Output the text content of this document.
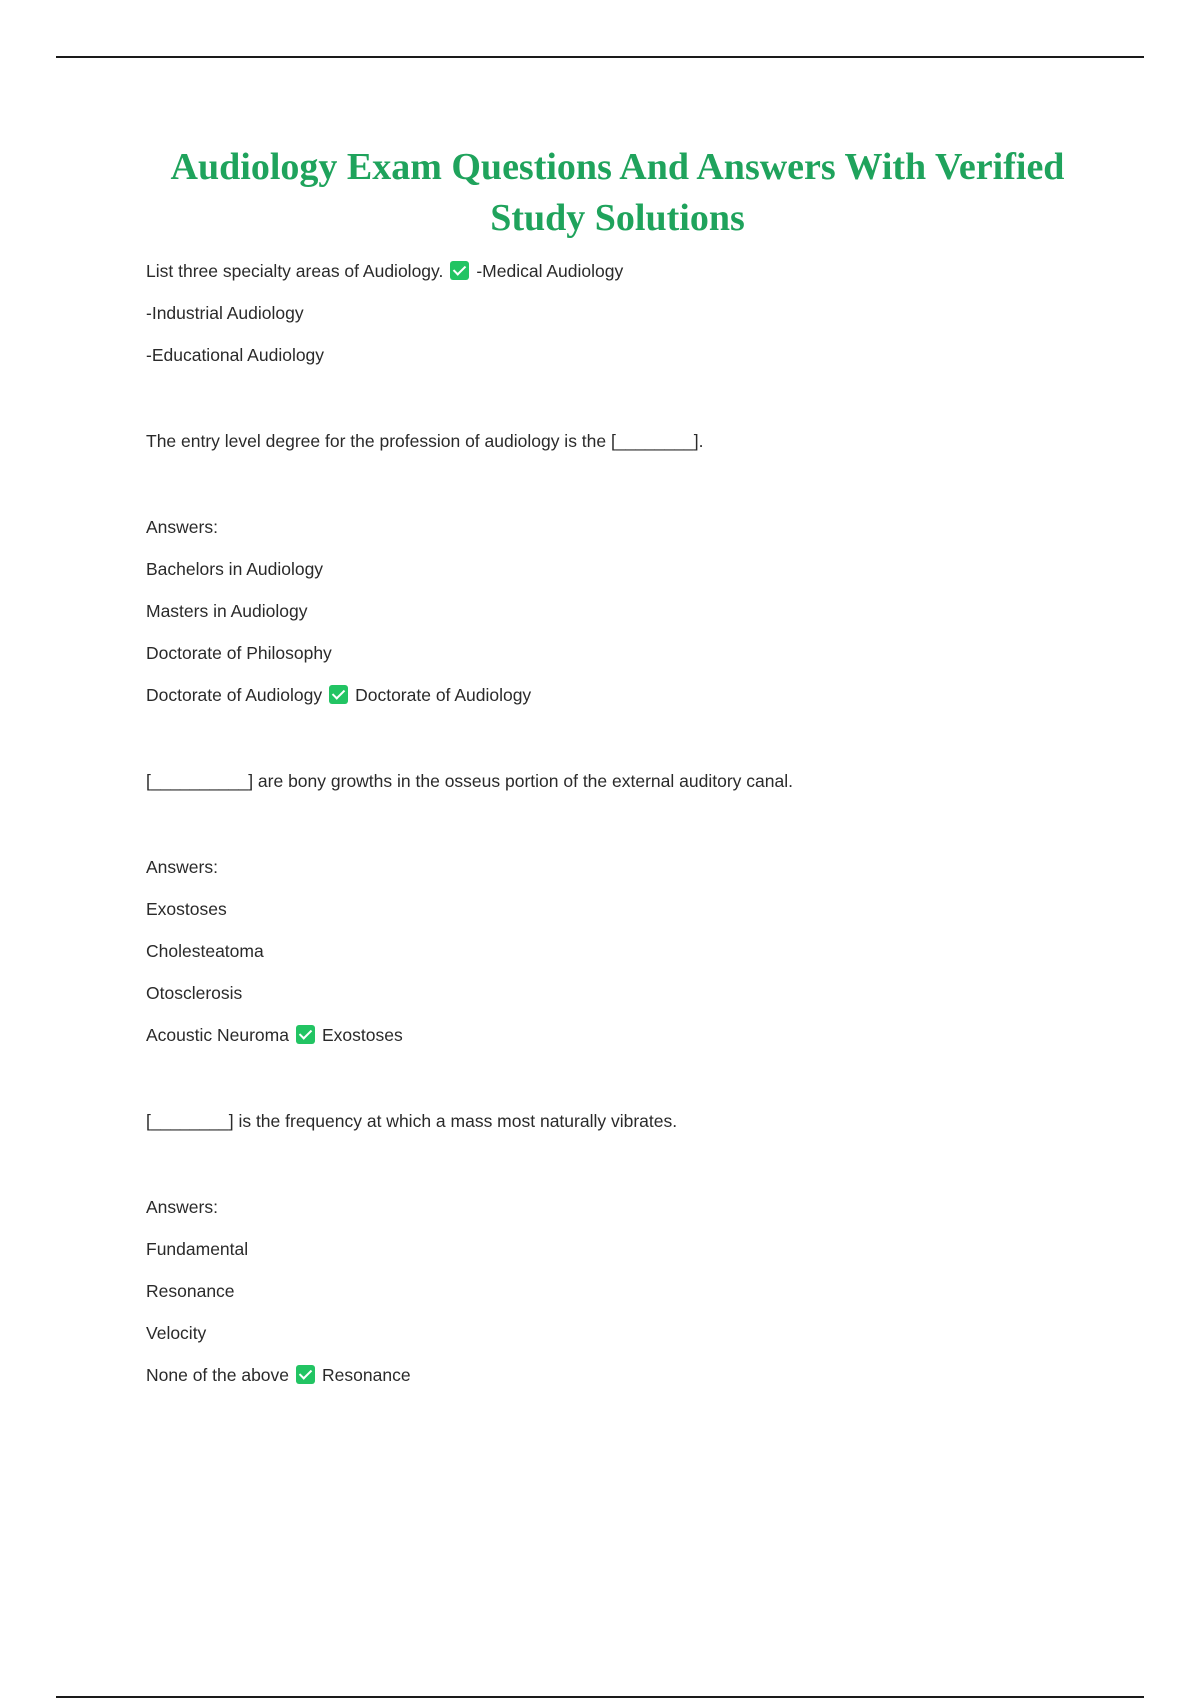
Audiology Exam Questions And Answers With Verified Study Solutions
List three specialty areas of Audiology. -Medical Audiology
-Industrial Audiology
-Educational Audiology
The entry level degree for the profession of audiology is the [________].
Answers:
Bachelors in Audiology
Masters in Audiology
Doctorate of Philosophy
Doctorate of Audiology Doctorate of Audiology
[__________] are bony growths in the osseus portion of the external auditory canal.
Answers:
Exostoses
Cholesteatoma
Otosclerosis
Acoustic Neuroma Exostoses
[________] is the frequency at which a mass most naturally vibrates.
Answers:
Fundamental
Resonance
Velocity
None of the above Resonance
